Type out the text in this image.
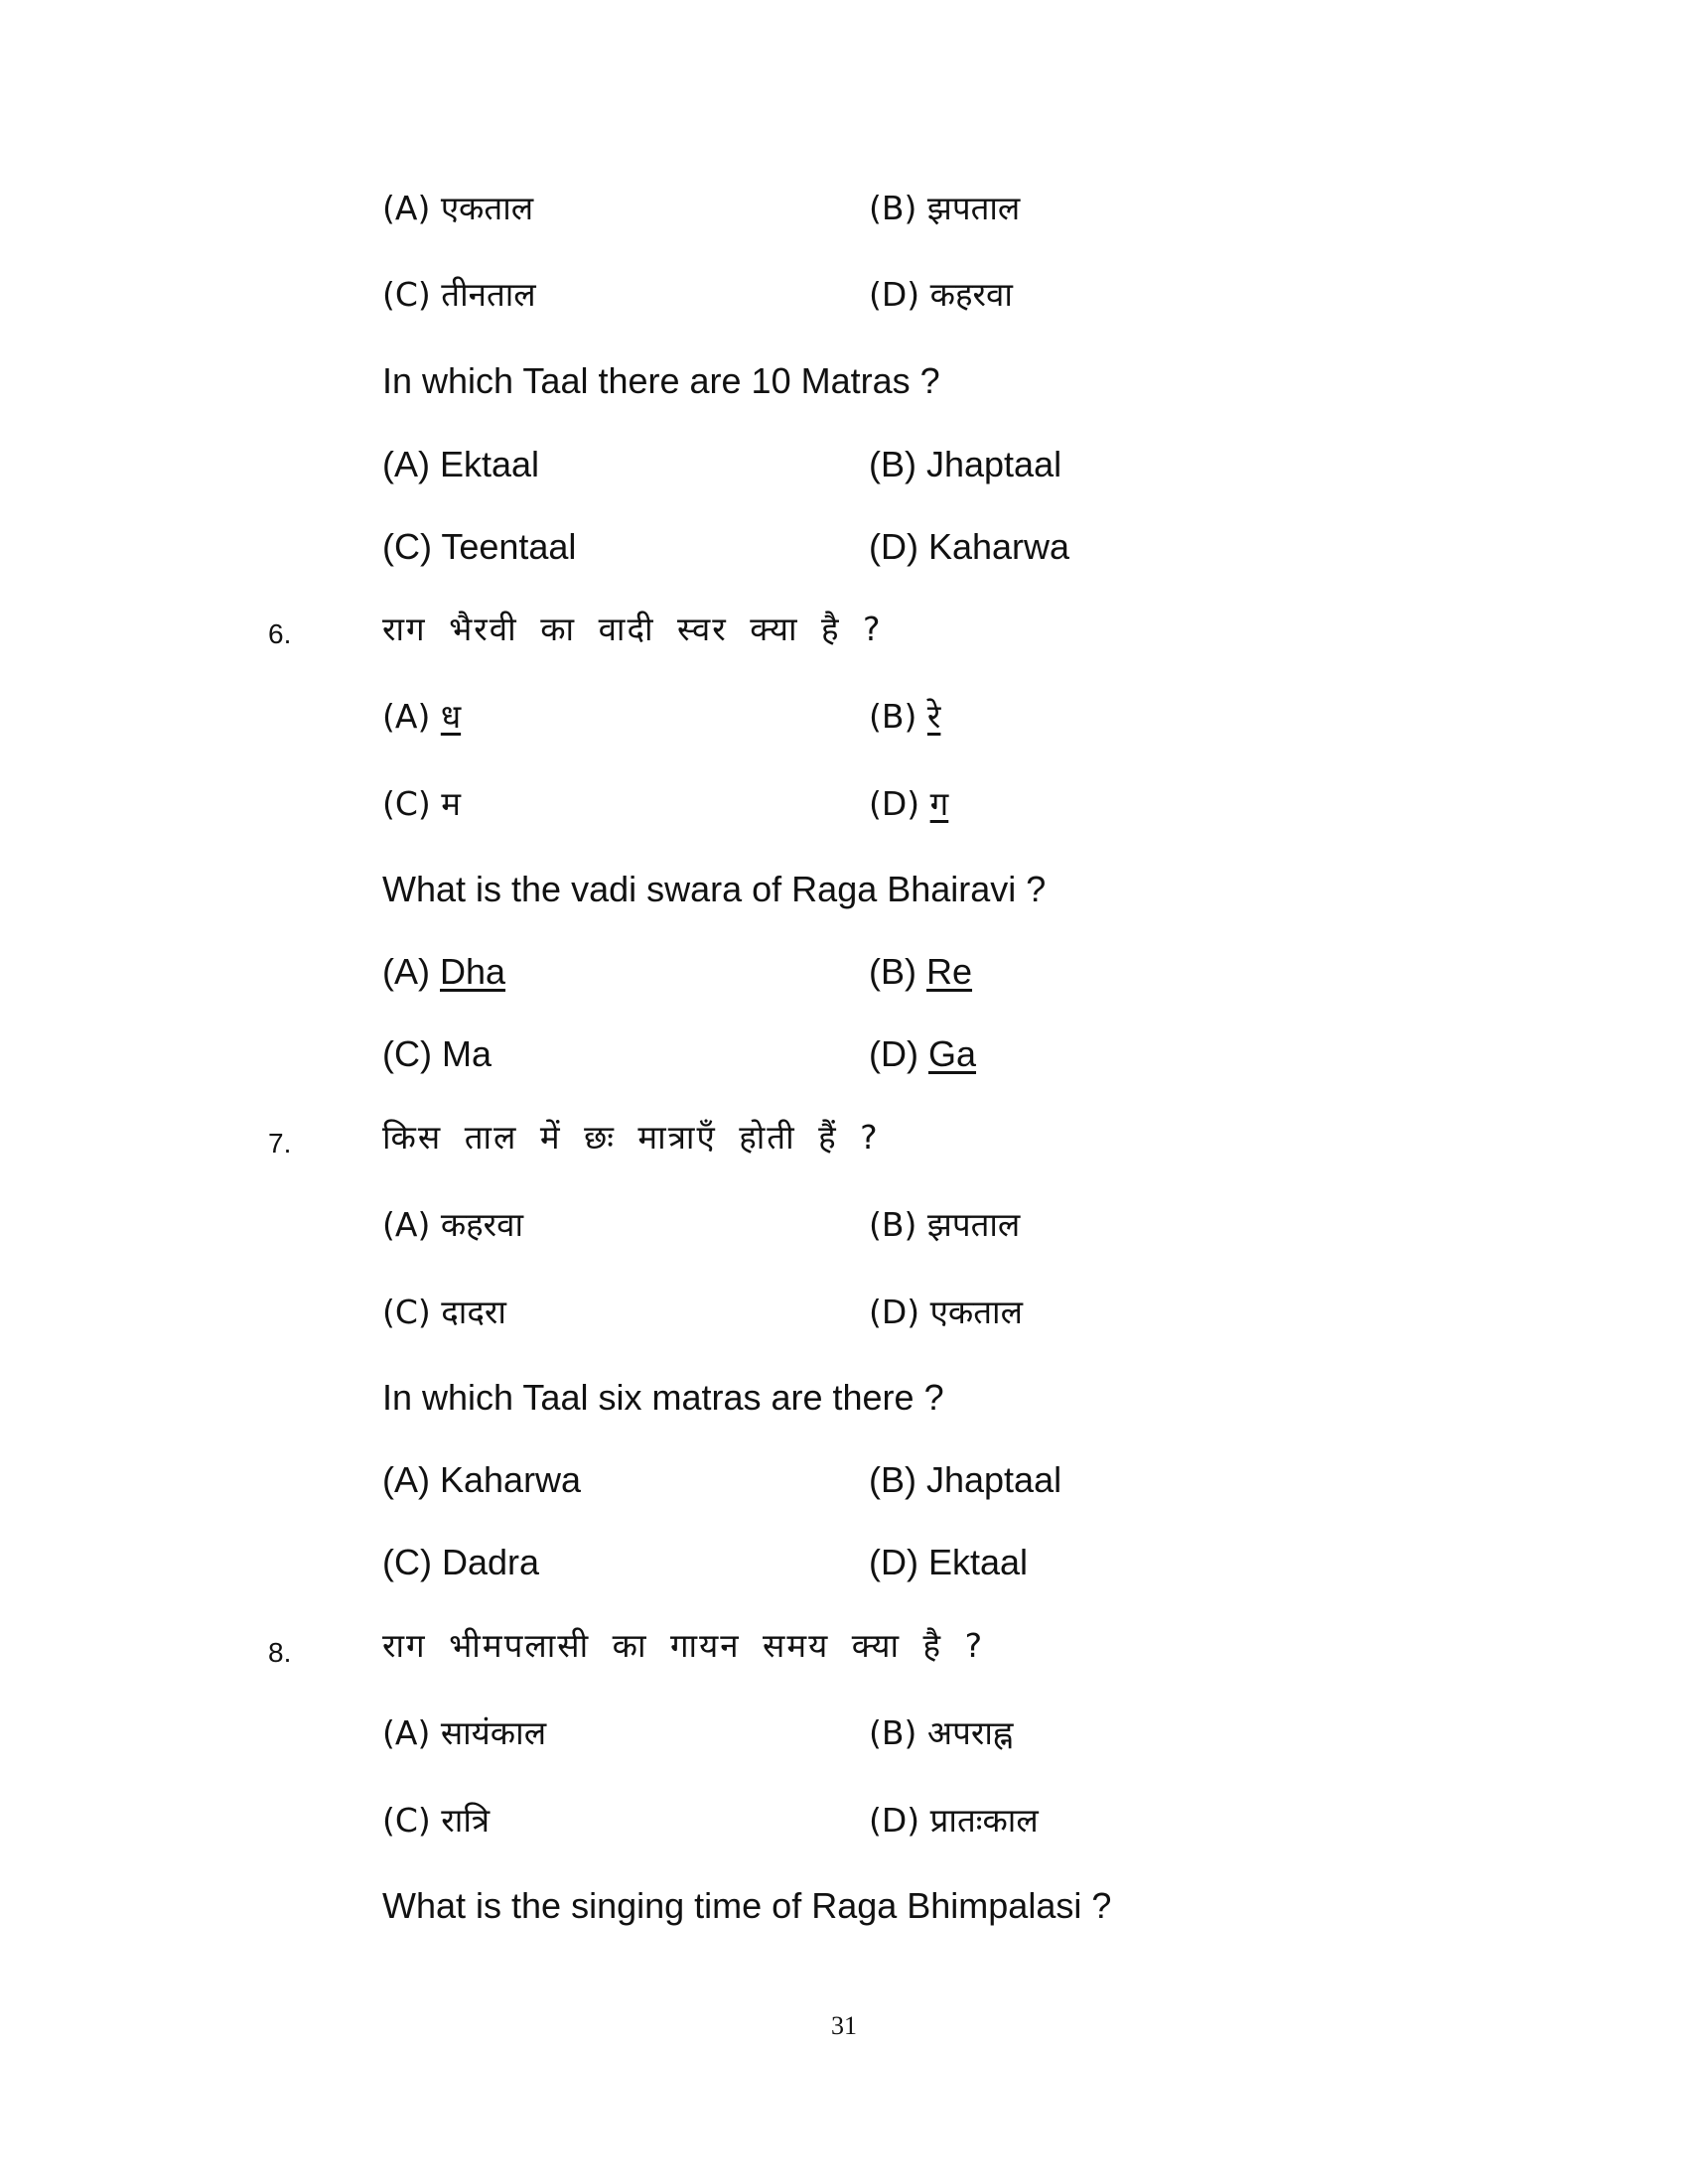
(A) एकताल	(B) झपताल
(C) तीनताल	(D) कहरवा
In which Taal there are 10 Matras ?
(A) Ektaal	(B) Jhaptaal
(C) Teentaal	(D) Kaharwa
6.	राग भैरवी का वादी स्वर क्या है ?
(A) ध	(B) रे
(C) म	(D) ग
What is the vadi swara of Raga Bhairavi ?
(A) Dha	(B) Re
(C) Ma	(D) Ga
7.	किस ताल में छः मात्राएँ होती हैं ?
(A) कहरवा	(B) झपताल
(C) दादरा	(D) एकताल
In which Taal six matras are there ?
(A) Kaharwa	(B) Jhaptaal
(C) Dadra	(D) Ektaal
8.	राग भीमपलासी का गायन समय क्या है ?
(A) सायंकाल	(B) अपराह्न
(C) रात्रि	(D) प्रातःकाल
What is the singing time of Raga Bhimpalasi ?
31
